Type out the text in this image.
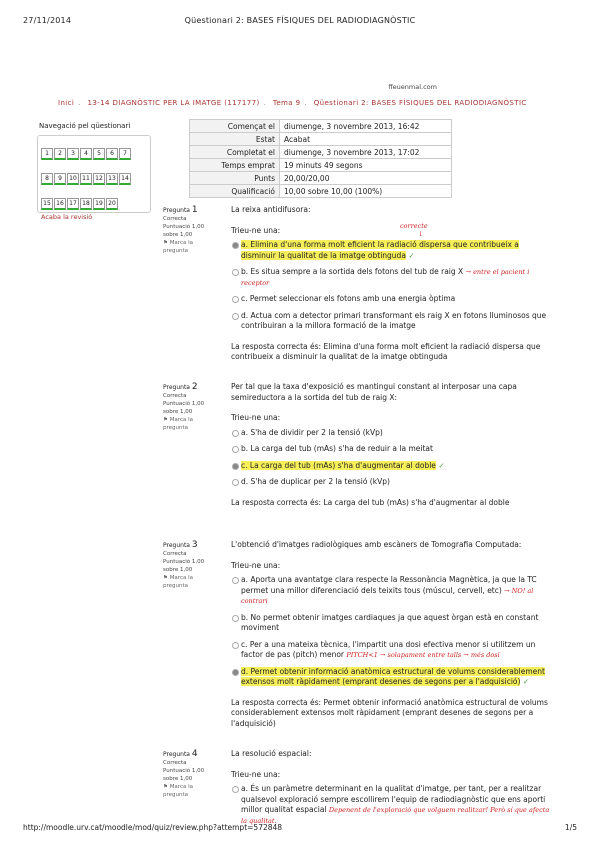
27/11/2014	Qüestionari 2: BASES FÍSIQUES DEL RADIODIAGNÒSTIC
ffeuenmal.com
Inici . 13-14 DIAGNÒSTIC PER LA IMATGE (117177) . Tema 9 . Qüestionari 2: BASES FÍSIQUES DEL RADIODIAGNÒSTIC
Navegació pel qüestionari
1 2 3 4 5 6 7
8 9 10 11 12 13 14
15 16 17 18 19 20
Acaba la revisió
Començat el	diumenge, 3 novembre 2013, 16:42
Estat	Acabat
Completat el	diumenge, 3 novembre 2013, 17:02
Temps emprat	19 minuts 49 segons
Punts	20,00/20,00
Qualificació	10,00 sobre 10,00 (100%)
Pregunta 1
Correcta
Puntuació 1,00 sobre 1,00
⚑ Marca la pregunta
La reixa antidifusora:
Trieu-ne una:
a. Elimina d'una forma molt eficient la radiació dispersa que contribueix a disminuir la qualitat de la imatge obtinguda ✓
b. Es situa sempre a la sortida dels fotons del tub de raig X → entre el pacient i receptor
c. Permet seleccionar els fotons amb una energia òptima
d. Actua com a detector primari transformant els raig X en fotons lluminosos que contribuiran a la millora formació de la imatge
La resposta correcta és: Elimina d'una forma molt eficient la radiació dispersa que contribueix a disminuir la qualitat de la imatge obtinguda
Pregunta 2
Correcta
Puntuació 1,00 sobre 1,00
⚑ Marca la pregunta
Per tal que la taxa d'exposició es mantingui constant al interposar una capa semireductora a la sortida del tub de raig X:
Trieu-ne una:
a. S'ha de dividir per 2 la tensió (kVp)
b. La carga del tub (mAs) s'ha de reduir a la meitat
c. La carga del tub (mAs) s'ha d'augmentar al doble ✓
d. S'ha de duplicar per 2 la tensió (kVp)
La resposta correcta és: La carga del tub (mAs) s'ha d'augmentar al doble
Pregunta 3
Correcta
Puntuació 1,00 sobre 1,00
⚑ Marca la pregunta
L'obtenció d'imatges radiològiques amb escàners de Tomografia Computada:
Trieu-ne una:
a. Aporta una avantatge clara respecte la Ressonància Magnètica, ja que la TC permet una millor diferenciació dels teixits tous (múscul, cervell, etc) → NO! al contrari
b. No permet obtenir imatges cardiaques ja que aquest òrgan està en constant moviment
c. Per a una mateixa tècnica, l'impartit una dosi efectiva menor si utilitzem un factor de pas (pitch) menor PITCH<1 → solapament entre talls → més dosi
d. Permet obtenir informació anatòmica estructural de volums considerablement extensos molt ràpidament (emprant desenes de segons per a l'adquisició) ✓
La resposta correcta és: Permet obtenir informació anatòmica estructural de volums considerablement extensos molt ràpidament (emprant desenes de segons per a l'adquisició)
Pregunta 4
Correcta
Puntuació 1,00 sobre 1,00
⚑ Marca la pregunta
La resolució espacial:
Trieu-ne una:
a. És un paràmetre determinant en la qualitat d'imatge, per tant, per a realitzar qualsevol exploració sempre escollirem l'equip de radiodiagnòstic que ens aporti millor qualitat espacial Depenent de l'exploració que volguem realitzar! Però sí que afecta la qualitat.
correcte
↓
http://moodle.urv.cat/moodle/mod/quiz/review.php?attempt=572848	1/5
